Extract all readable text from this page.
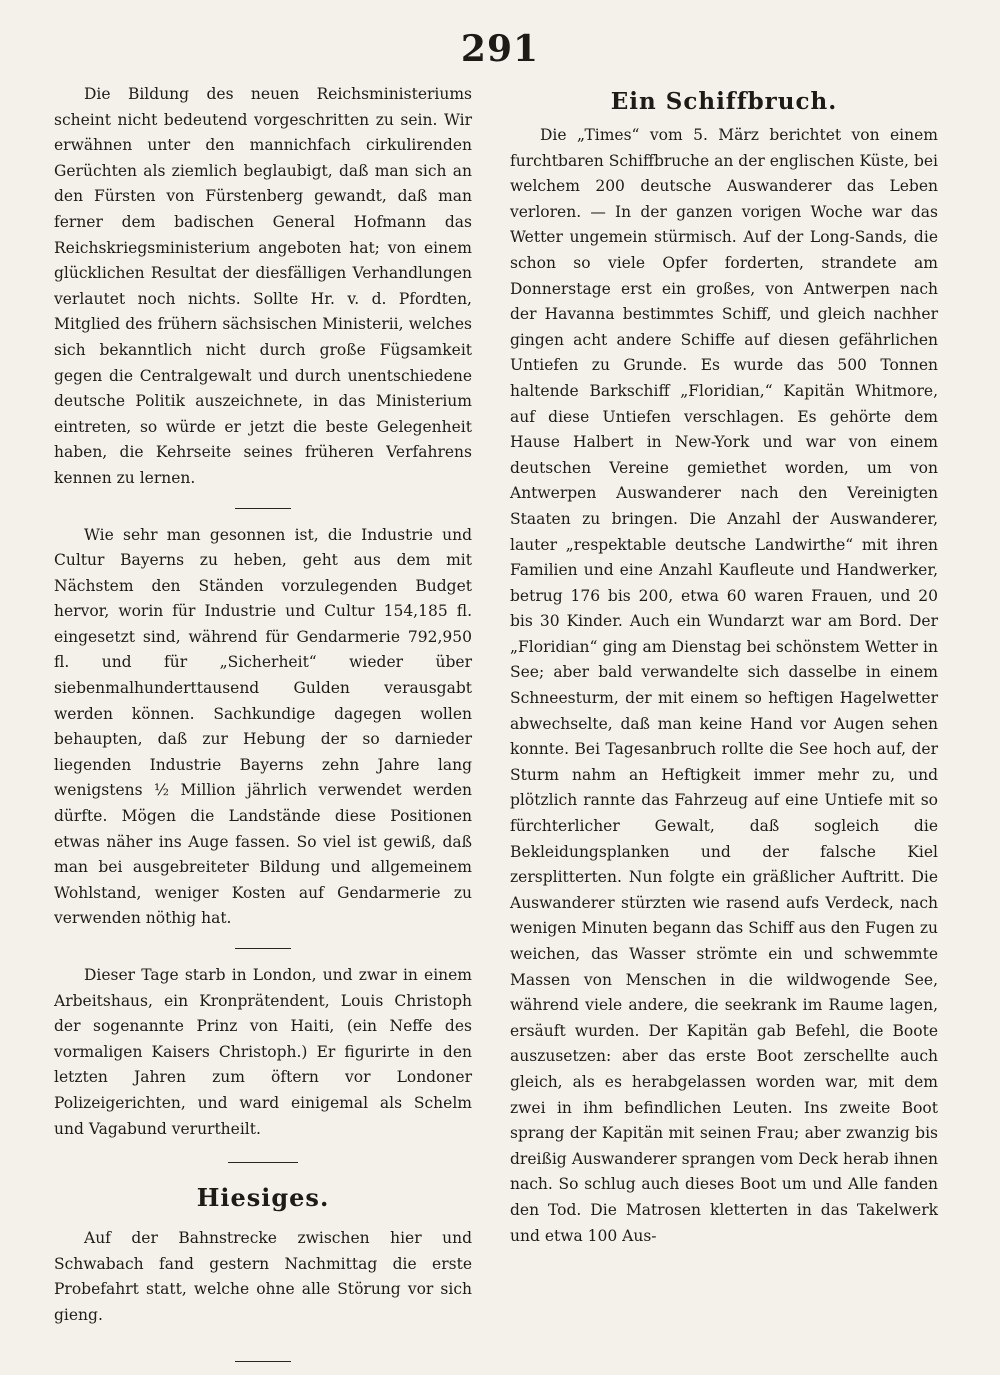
291

Die Bildung des neuen Reichsministeriums scheint nicht bedeutend vorgeschritten zu sein. Wir erwähnen unter den mannichfach cirkulirenden Gerüchten als ziemlich beglaubigt, daß man sich an den Fürsten von Fürstenberg gewandt, daß man ferner dem badischen General Hofmann das Reichskriegsministerium angeboten hat; von einem glücklichen Resultat der diesfälligen Verhandlungen verlautet noch nichts. Sollte Hr. v. d. Pfordten, Mitglied des frühern sächsischen Ministerii, welches sich bekanntlich nicht durch große Fügsamkeit gegen die Centralgewalt und durch unentschiedene deutsche Politik auszeichnete, in das Ministerium eintreten, so würde er jetzt die beste Gelegenheit haben, die Kehrseite seines früheren Verfahrens kennen zu lernen.

Wie sehr man gesonnen ist, die Industrie und Cultur Bayerns zu heben, geht aus dem mit Nächstem den Ständen vorzulegenden Budget hervor, worin für Industrie und Cultur 154,185 fl. eingesetzt sind, während für Gendarmerie 792,950 fl. und für „Sicherheit“ wieder über siebenmalhunderttausend Gulden verausgabt werden können. Sachkundige dagegen wollen behaupten, daß zur Hebung der so darnieder liegenden Industrie Bayerns zehn Jahre lang wenigstens ½ Million jährlich verwendet werden dürfte. Mögen die Landstände diese Positionen etwas näher ins Auge fassen. So viel ist gewiß, daß man bei ausgebreiteter Bildung und allgemeinem Wohlstand, weniger Kosten auf Gendarmerie zu verwenden nöthig hat.

Dieser Tage starb in London, und zwar in einem Arbeitshaus, ein Kronprätendent, Louis Christoph der sogenannte Prinz von Haiti, (ein Neffe des vormaligen Kaisers Christoph.) Er figurirte in den letzten Jahren zum öftern vor Londoner Polizeigerichten, und ward einigemal als Schelm und Vagabund verurtheilt.

Hiesiges.

Auf der Bahnstrecke zwischen hier und Schwabach fand gestern Nachmittag die erste Probefahrt statt, welche ohne alle Störung vor sich gieng.

Ein Schiffbruch.

Die „Times“ vom 5. März berichtet von einem furchtbaren Schiffbruche an der englischen Küste, bei welchem 200 deutsche Auswanderer das Leben verloren. — In der ganzen vorigen Woche war das Wetter ungemein stürmisch. Auf der Long-Sands, die schon so viele Opfer forderten, strandete am Donnerstage erst ein großes, von Antwerpen nach der Havanna bestimmtes Schiff, und gleich nachher gingen acht andere Schiffe auf diesen gefährlichen Untiefen zu Grunde. Es wurde das 500 Tonnen haltende Barkschiff „Floridian,“ Kapitän Whitmore, auf diese Untiefen verschlagen. Es gehörte dem Hause Halbert in New-York und war von einem deutschen Vereine gemiethet worden, um von Antwerpen Auswanderer nach den Vereinigten Staaten zu bringen. Die Anzahl der Auswanderer, lauter „respektable deutsche Landwirthe“ mit ihren Familien und eine Anzahl Kaufleute und Handwerker, betrug 176 bis 200, etwa 60 waren Frauen, und 20 bis 30 Kinder. Auch ein Wundarzt war am Bord. Der „Floridian“ ging am Dienstag bei schönstem Wetter in See; aber bald verwandelte sich dasselbe in einem Schneesturm, der mit einem so heftigen Hagelwetter abwechselte, daß man keine Hand vor Augen sehen konnte. Bei Tagesanbruch rollte die See hoch auf, der Sturm nahm an Heftigkeit immer mehr zu, und plötzlich rannte das Fahrzeug auf eine Untiefe mit so fürchterlicher Gewalt, daß sogleich die Bekleidungsplanken und der falsche Kiel zersplitterten. Nun folgte ein gräßlicher Auftritt. Die Auswanderer stürzten wie rasend aufs Verdeck, nach wenigen Minuten begann das Schiff aus den Fugen zu weichen, das Wasser strömte ein und schwemmte Massen von Menschen in die wildwogende See, während viele andere, die seekrank im Raume lagen, ersäuft wurden. Der Kapitän gab Befehl, die Boote auszusetzen: aber das erste Boot zerschellte auch gleich, als es herabgelassen worden war, mit dem zwei in ihm befindlichen Leuten. Ins zweite Boot sprang der Kapitän mit seinen Frau; aber zwanzig bis dreißig Auswanderer sprangen vom Deck herab ihnen nach. So schlug auch dieses Boot um und Alle fanden den Tod. Die Matrosen kletterten in das Takelwerk und etwa 100 Aus-
